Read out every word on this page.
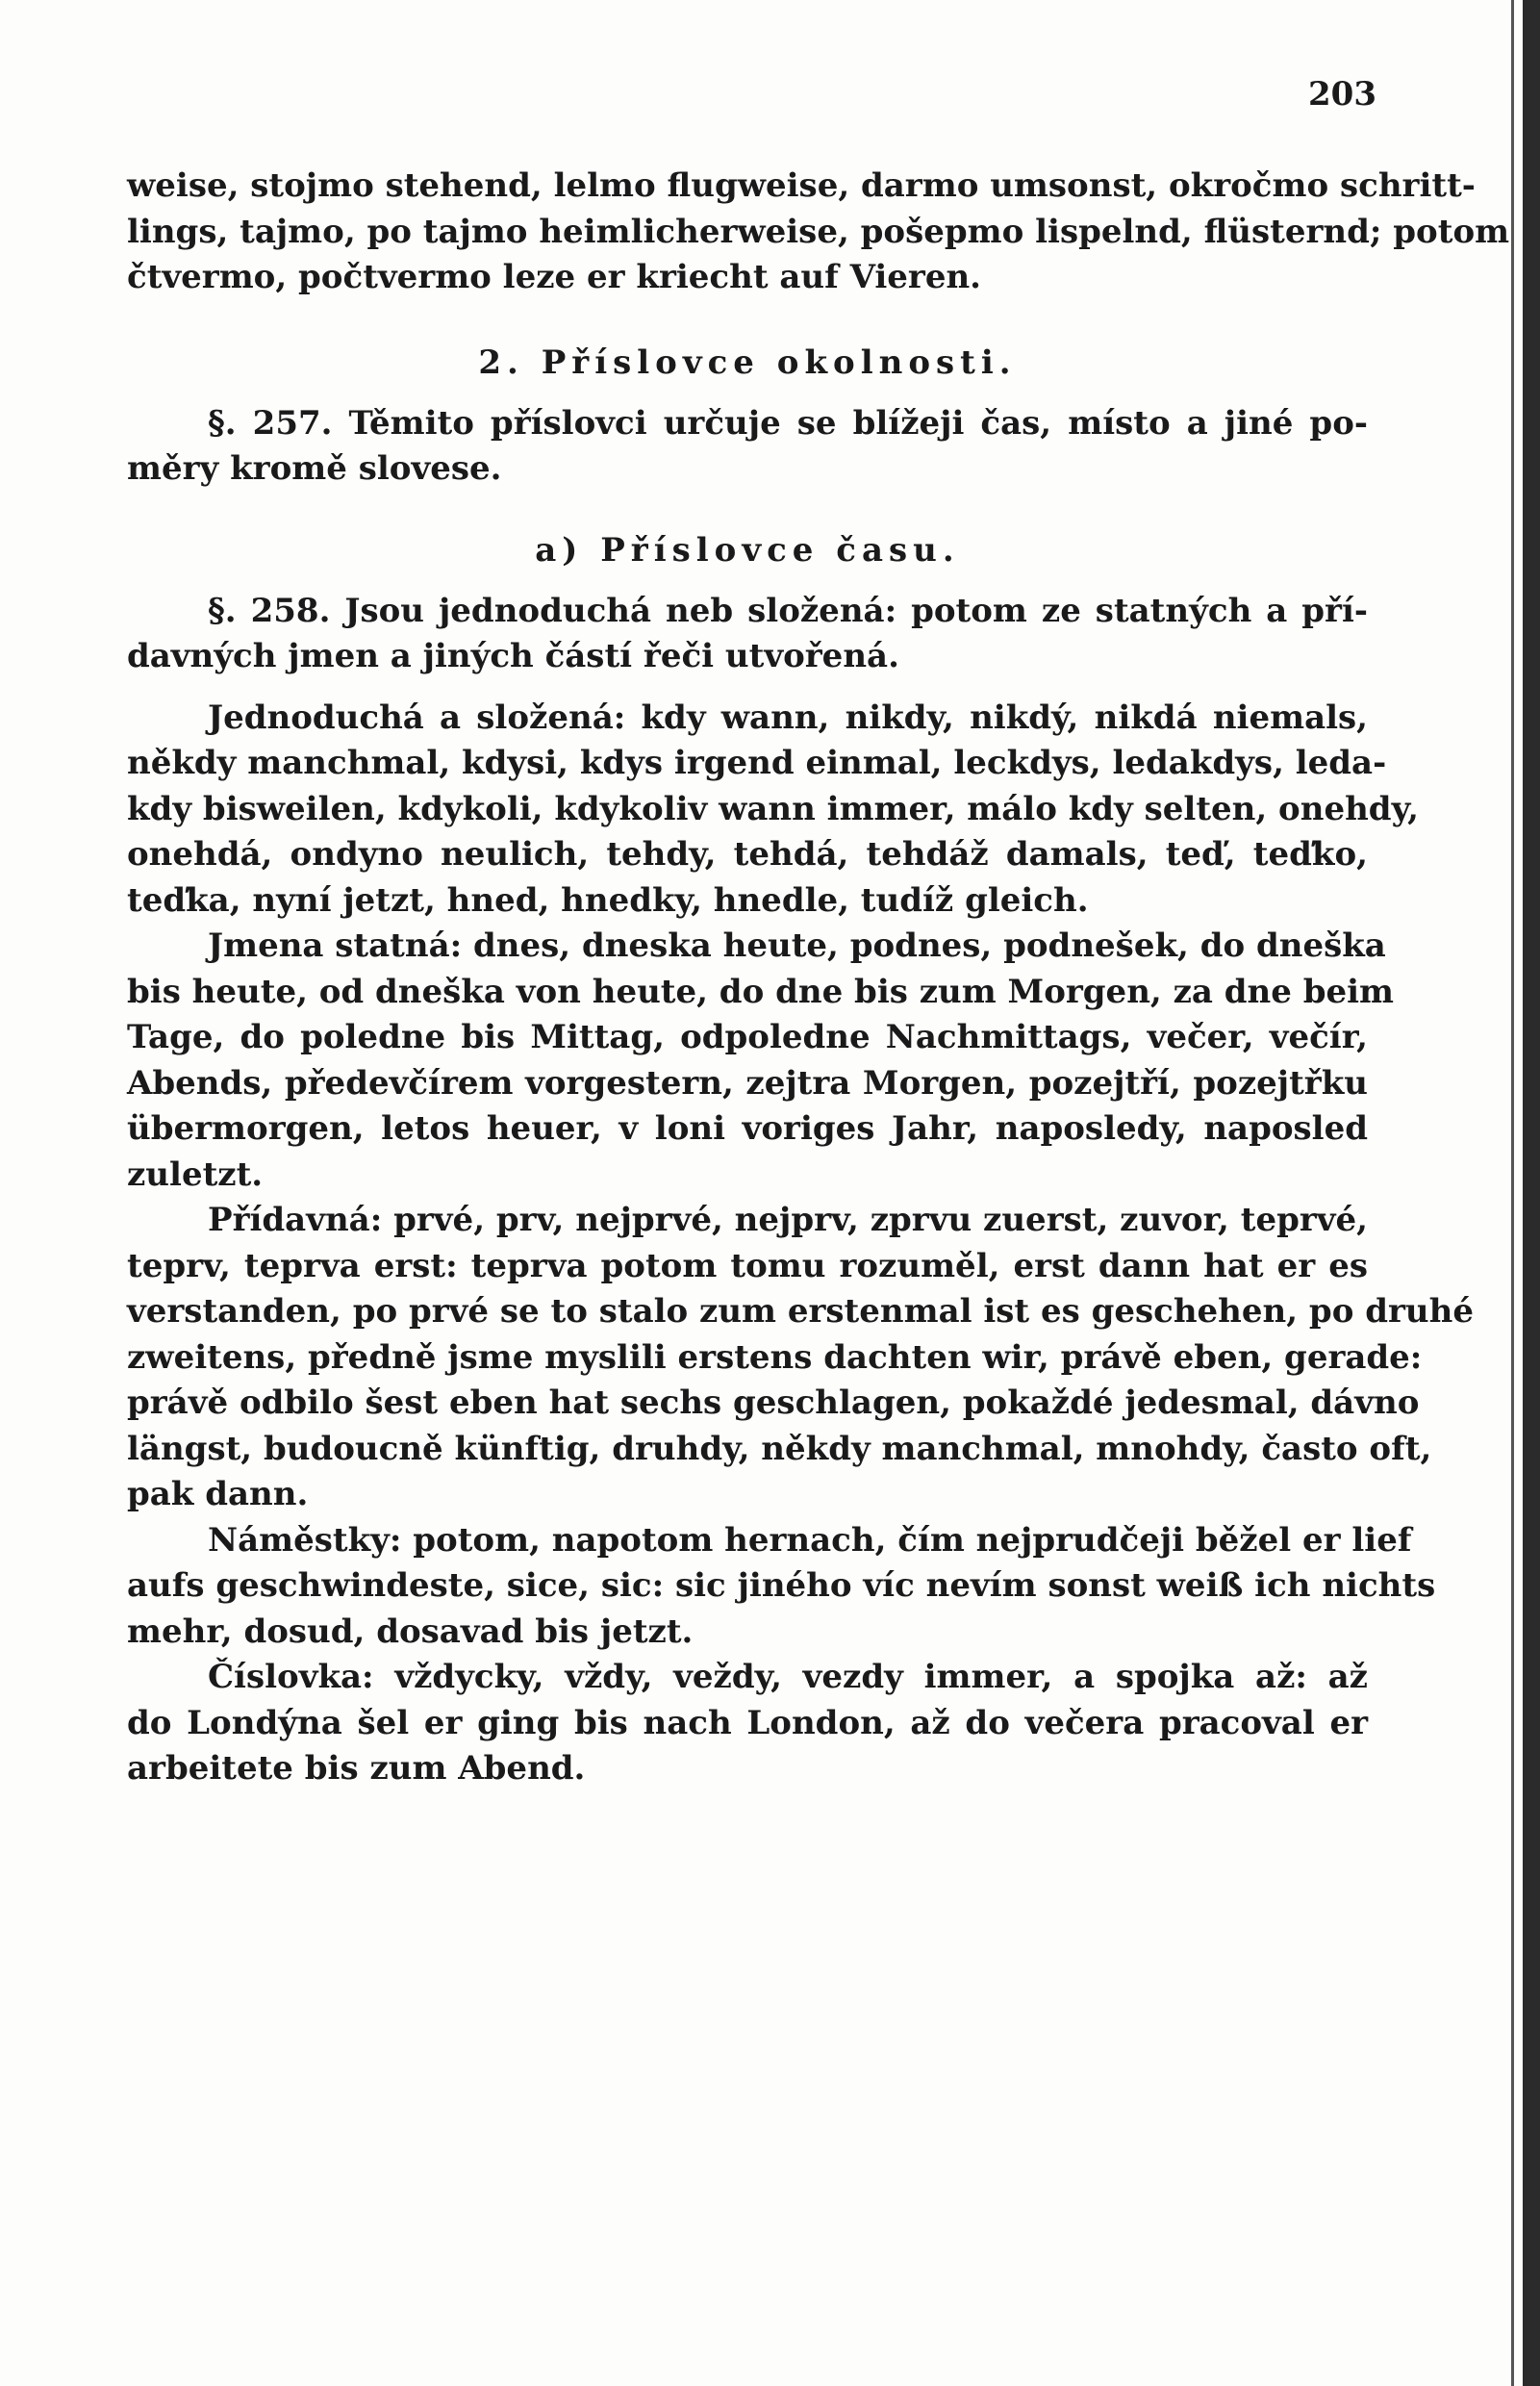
203
weise, stojmo stehend, lelmo flugweise, darmo umsonst, okročmo schritt-
lings, tajmo, po tajmo heimlicherweise, pošepmo lispelnd, flüsternd; potom
čtvermo, počtvermo leze er kriecht auf Vieren.
2. Příslovce okolnosti.
§. 257. Těmito příslovci určuje se blížeji čas, místo a jiné po-
měry kromě slovese.
a) Příslovce času.
§. 258. Jsou jednoduchá neb složená: potom ze statných a pří-
davných jmen a jiných částí řeči utvořená.
Jednoduchá a složená: kdy wann, nikdy, nikdý, nikdá niemals,
někdy manchmal, kdysi, kdys irgend einmal, leckdys, ledakdys, leda-
kdy bisweilen, kdykoli, kdykoliv wann immer, málo kdy selten, onehdy,
onehdá, ondyno neulich, tehdy, tehdá, tehdáž damals, teď, teďko,
teďka, nyní jetzt, hned, hnedky, hnedle, tudíž gleich.
Jmena statná: dnes, dneska heute, podnes, podnešek, do dneška
bis heute, od dneška von heute, do dne bis zum Morgen, za dne beim
Tage, do poledne bis Mittag, odpoledne Nachmittags, večer, večír,
Abends, předevčírem vorgestern, zejtra Morgen, pozejtří, pozejtřku
übermorgen, letos heuer, v loni voriges Jahr, naposledy, naposled
zuletzt.
Přídavná: prvé, prv, nejprvé, nejprv, zprvu zuerst, zuvor, teprvé,
teprv, teprva erst: teprva potom tomu rozuměl, erst dann hat er es
verstanden, po prvé se to stalo zum erstenmal ist es geschehen, po druhé
zweitens, předně jsme myslili erstens dachten wir, právě eben, gerade:
právě odbilo šest eben hat sechs geschlagen, pokaždé jedesmal, dávno
längst, budoucně künftig, druhdy, někdy manchmal, mnohdy, často oft,
pak dann.
Náměstky: potom, napotom hernach, čím nejprudčeji běžel er lief
aufs geschwindeste, sice, sic: sic jiného víc nevím sonst weiß ich nichts
mehr, dosud, dosavad bis jetzt.
Číslovka: vždycky, vždy, veždy, vezdy immer, a spojka až: až
do Londýna šel er ging bis nach London, až do večera pracoval er
arbeitete bis zum Abend.
